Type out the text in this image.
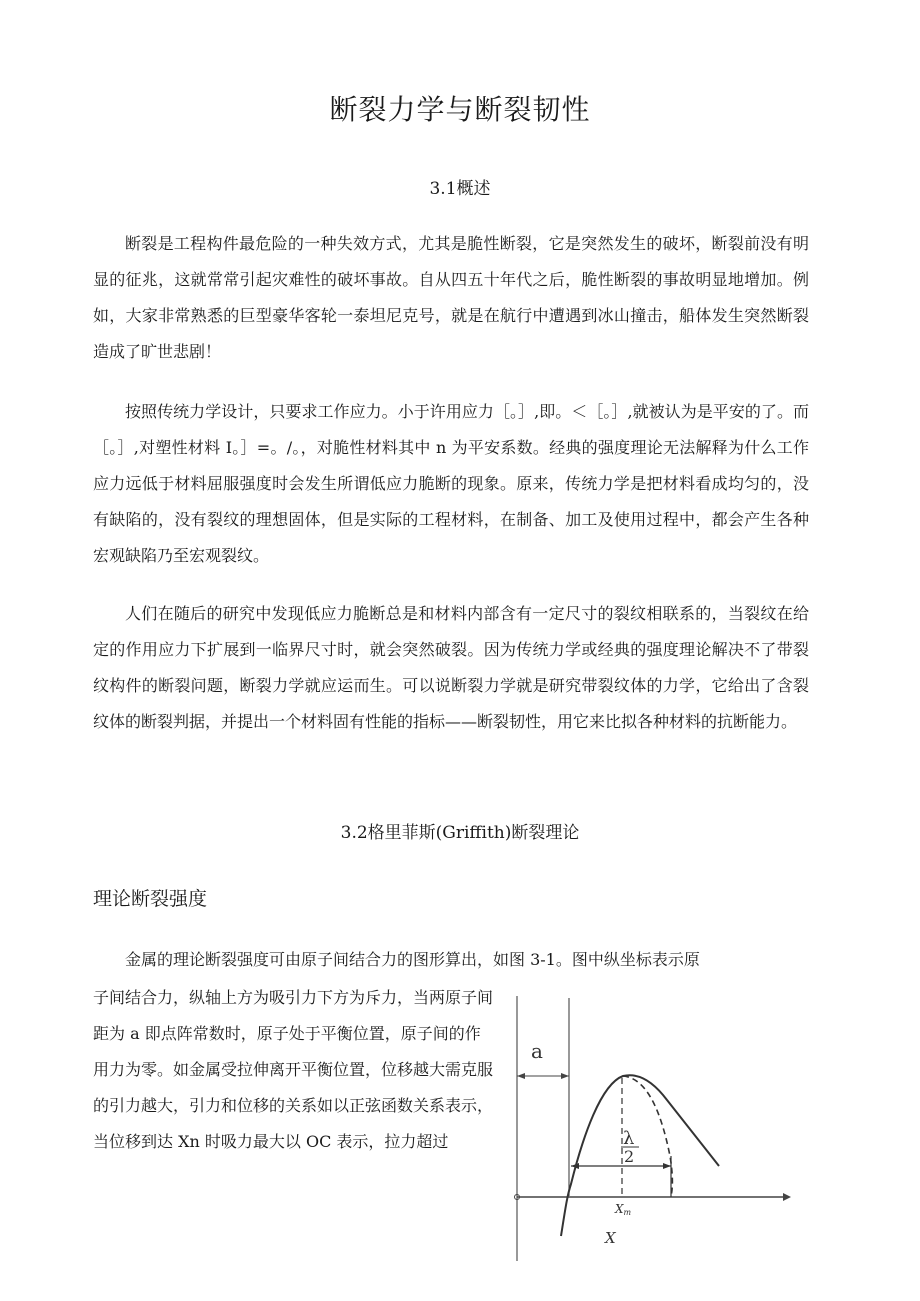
断裂力学与断裂韧性
3.1概述

断裂是工程构件最危险的一种失效方式，尤其是脆性断裂，它是突然发生的破坏，断裂前没有明显的征兆，这就常常引起灾难性的破坏事故。自从四五十年代之后，脆性断裂的事故明显地增加。例如，大家非常熟悉的巨型豪华客轮一泰坦尼克号，就是在航行中遭遇到冰山撞击，船体发生突然断裂造成了旷世悲剧！

按照传统力学设计，只要求工作应力。小于许用应力［。］,即。＜［。］,就被认为是平安的了。而［。］,对塑性材料 I。］=。/。，对脆性材料其中 n 为平安系数。经典的强度理论无法解释为什么工作应力远低于材料屈服强度时会发生所谓低应力脆断的现象。原来，传统力学是把材料看成均匀的，没有缺陷的，没有裂纹的理想固体，但是实际的工程材料，在制备、加工及使用过程中，都会产生各种宏观缺陷乃至宏观裂纹。

人们在随后的研究中发现低应力脆断总是和材料内部含有一定尺寸的裂纹相联系的，当裂纹在给定的作用应力下扩展到一临界尺寸时，就会突然破裂。因为传统力学或经典的强度理论解决不了带裂纹构件的断裂问题，断裂力学就应运而生。可以说断裂力学就是研究带裂纹体的力学，它给出了含裂纹体的断裂判据，并提出一个材料固有性能的指标——断裂韧性，用它来比拟各种材料的抗断能力。

3.2格里菲斯(Griffith)断裂理论
理论断裂强度

金属的理论断裂强度可由原子间结合力的图形算出，如图 3-1。图中纵坐标表示原

子间结合力，纵轴上方为吸引力下方为斥力，当两原子间距为 a 即点阵常数时，原子处于平衡位置，原子间的作用力为零。如金属受拉伸离开平衡位置，位移越大需克服的引力越大，引力和位移的关系如以正弦函数关系表示，当位移到达 Xn 时吸力最大以 OC 表示，拉力超过

a
λ
2
Xm
X
